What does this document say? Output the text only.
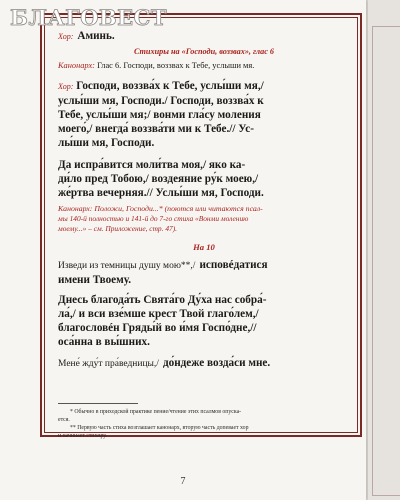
БЛАГОВЕСТ
Хор: Аминь.
Стихиры на «Господи, воззвах», глас 6
Канонарх: Глас 6. Господи, воззвах к Тебе, услыши мя.
Хор: Господи, воззва́х к Тебе, услы́ши мя,/
услы́ши мя, Господи./ Господи, воззва́х к
Тебе, услы́ши мя;/ вонми гла́су моления
моего́,/ внегда́ воззва́ти ми к Тебе.// Ус-
лы́ши мя, Господи.
Да испра́вится моли́тва моя,/ яко ка-
ди́ло пред Тобою,/ воздеяние ру́к моею,/
же́ртва вечерняя.// Услы́ши мя, Господи.
Канонарх: Положи, Господи...* (поются или читаются псал-
мы 140-й полностью и 141-й до 7-го стиха «Вонми молению
моему...» – см. Приложение, стр. 47).
На 10
Изведи из темницы душу мою**,/ исповéдатися
имени Твоему.
Днесь благода́ть Свята́го Ду́ха нас собра́-
ла́,/ и вси взе́мше крест Твой глаго́лем,/
благословéн Гряды́й во и́мя Госпо́дне,//
оса́нна в вы́шних.
Мене́ жду́т пра́ведницы,/ до́ндеже возда́си мне.
* Обычно в приходской практике пение/чтение этих псалмов опуска-
ется.
** Первую часть стиха возглашает канонарх, вторую часть допевает хор
и начинает стихиру.
7
